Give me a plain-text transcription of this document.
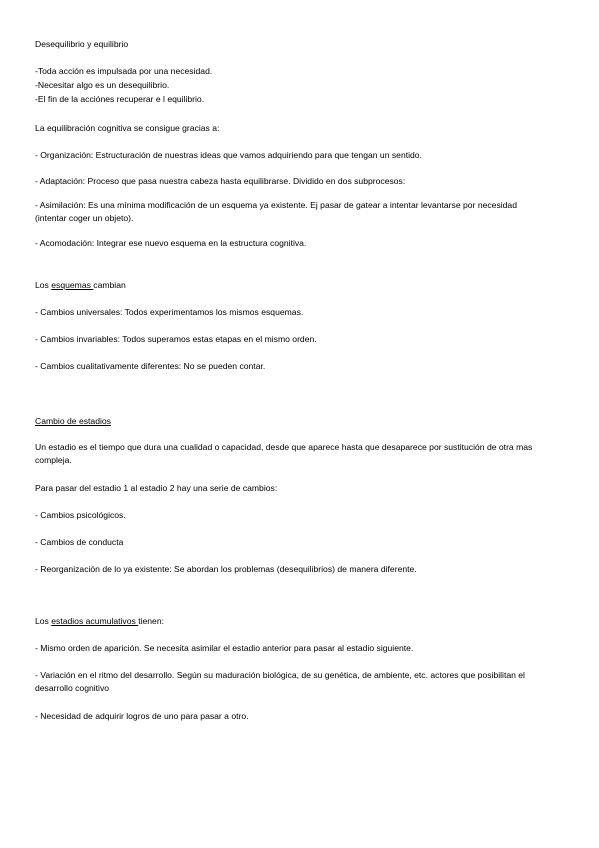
Desequilibrio y equilibrio
-Toda acción es impulsada por una necesidad.
-Necesitar algo es un desequilibrio.
-El fin de la acciónes recuperar e l equilibrio.
La equilibración cognitiva se consigue gracias a:
- Organización: Estructuración de nuestras ideas que vamos adquiriendo para que tengan un sentido.
- Adaptación: Proceso que pasa nuestra cabeza hasta equilibrarse. Dividido en dos subprocesos:
- Asimilación: Es una mínima modificación de un esquema ya existente. Ej pasar de gatear a intentar levantarse por necesidad (intentar coger un objeto).
- Acomodación: Integrar ese nuevo esquema en la estructura cognitiva.
Los esquemas cambian
- Cambios universales: Todos experimentamos los mismos esquemas.
- Cambios invariables: Todos superamos estas etapas en el mismo orden.
- Cambios cualitativamente diferentes: No se pueden contar.
Cambio de estadios
Un estadio es el tiempo que dura una cualidad o capacidad, desde que aparece hasta que desaparece por sustitución de otra mas compleja.
Para pasar del estadio 1 al estadio 2 hay una serie de cambios:
- Cambios psicológicos.
- Cambios de conducta
- Reorganización de lo ya existente: Se abordan los problemas (desequilibrios) de manera diferente.
Los estadios acumulativos tienen:
- Mismo orden de aparición. Se necesita asimilar el estadio anterior para pasar al estadio siguiente.
- Variación en el ritmo del desarrollo. Según su maduración biológica, de su genética, de ambiente, etc. actores que posibilitan el desarrollo cognitivo
- Necesidad de adquirir logros de uno para pasar a otro.
